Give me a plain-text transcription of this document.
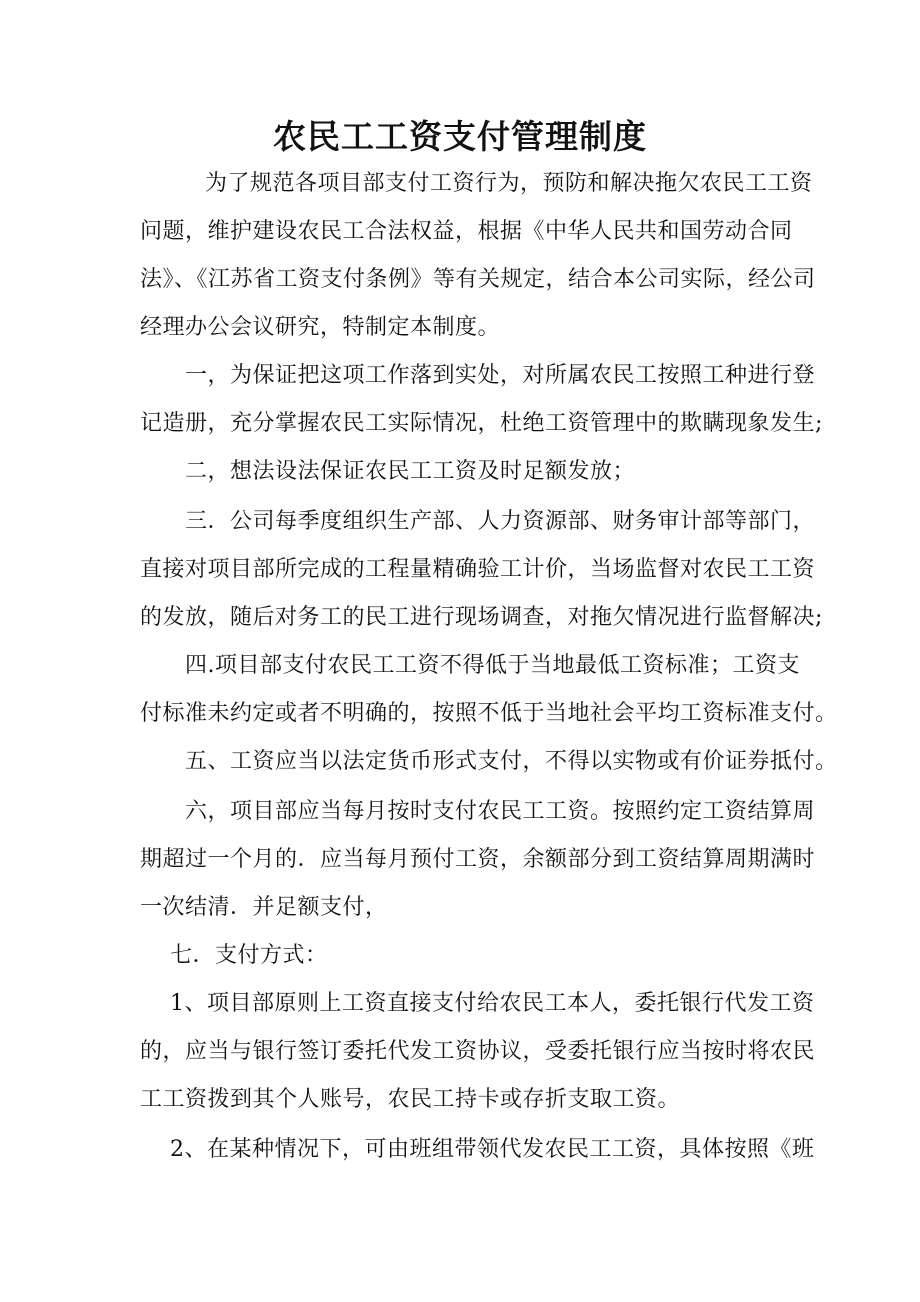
农民工工资支付管理制度
为了规范各项目部支付工资行为，预防和解决拖欠农民工工资
问题，维护建设农民工合法权益，根据《中华人民共和国劳动合同
法》、《江苏省工资支付条例》等有关规定，结合本公司实际，经公司
经理办公会议研究，特制定本制度。
一，为保证把这项工作落到实处，对所属农民工按照工种进行登
记造册，充分掌握农民工实际情况，杜绝工资管理中的欺瞒现象发生;
二，想法设法保证农民工工资及时足额发放；
三．公司每季度组织生产部、人力资源部、财务审计部等部门，
直接对项目部所完成的工程量精确验工计价，当场监督对农民工工资
的发放，随后对务工的民工进行现场调查，对拖欠情况进行监督解决;
四.项目部支付农民工工资不得低于当地最低工资标准；工资支
付标准未约定或者不明确的，按照不低于当地社会平均工资标准支付。
五、工资应当以法定货币形式支付，不得以实物或有价证券抵付。
六，项目部应当每月按时支付农民工工资。按照约定工资结算周
期超过一个月的．应当每月预付工资，余额部分到工资结算周期满时
一次结清．并足额支付，
七．支付方式：
1、项目部原则上工资直接支付给农民工本人，委托银行代发工资
的，应当与银行签订委托代发工资协议，受委托银行应当按时将农民
工工资拨到其个人账号，农民工持卡或存折支取工资。
2、在某种情况下，可由班组带领代发农民工工资，具体按照《班
